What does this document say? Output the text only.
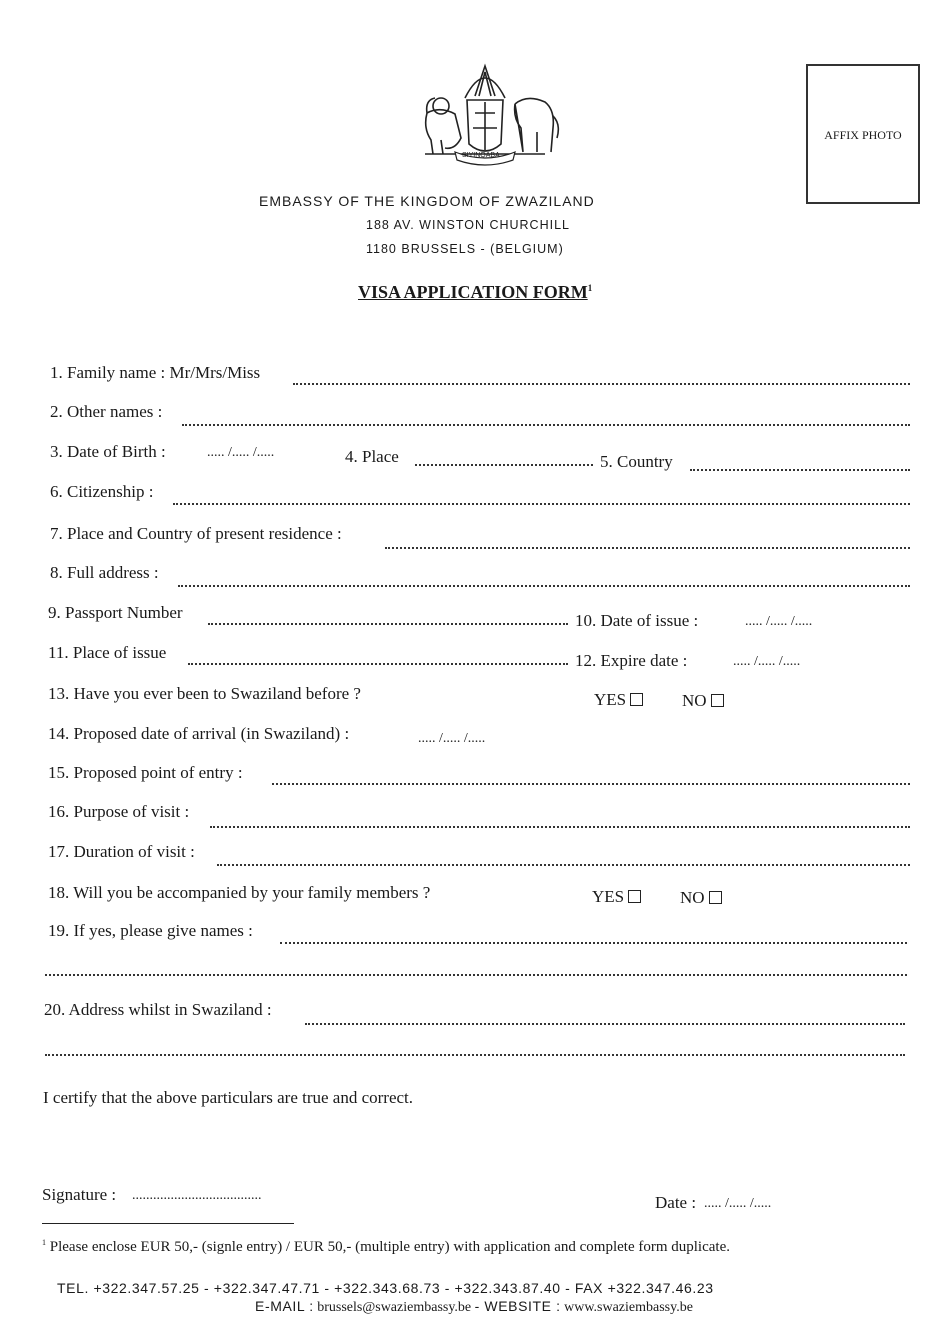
SIYINQABA
AFFIX PHOTO
EMBASSY OF THE KINGDOM OF ZWAZILAND
188 AV. WINSTON CHURCHILL
1180 BRUSSELS - (BELGIUM)
VISA APPLICATION FORM$^1$
1. Family name : Mr/Mrs/Miss
2. Other names :
3. Date of Birth :	..... /..... /.....	4. Place	5. Country
6. Citizenship :
7. Place and Country of present residence :
8. Full address :
9. Passport Number	10. Date of issue :	..... /..... /.....
11. Place of issue	12. Expire date :	..... /..... /.....
13. Have you ever been to Swaziland before ?	YES	NO
14. Proposed date of arrival (in Swaziland) :	..... /..... /.....
15. Proposed point of entry :
16. Purpose of visit :
17. Duration of visit :
18. Will you be accompanied by your family members ?	YES	NO
19. If yes, please give names :
20. Address whilst in Swaziland :
I certify that the above particulars are true and correct.
Signature : .....................................	Date : ..... /..... /.....
$^1$ Please enclose EUR 50,- (signle entry) / EUR 50,- (multiple entry) with application and complete form duplicate.
TEL. +322.347.57.25 - +322.347.47.71 - +322.343.68.73 - +322.343.87.40 - FAX +322.347.46.23
E-MAIL : brussels@swaziembassy.be - WEBSITE : www.swaziembassy.be
